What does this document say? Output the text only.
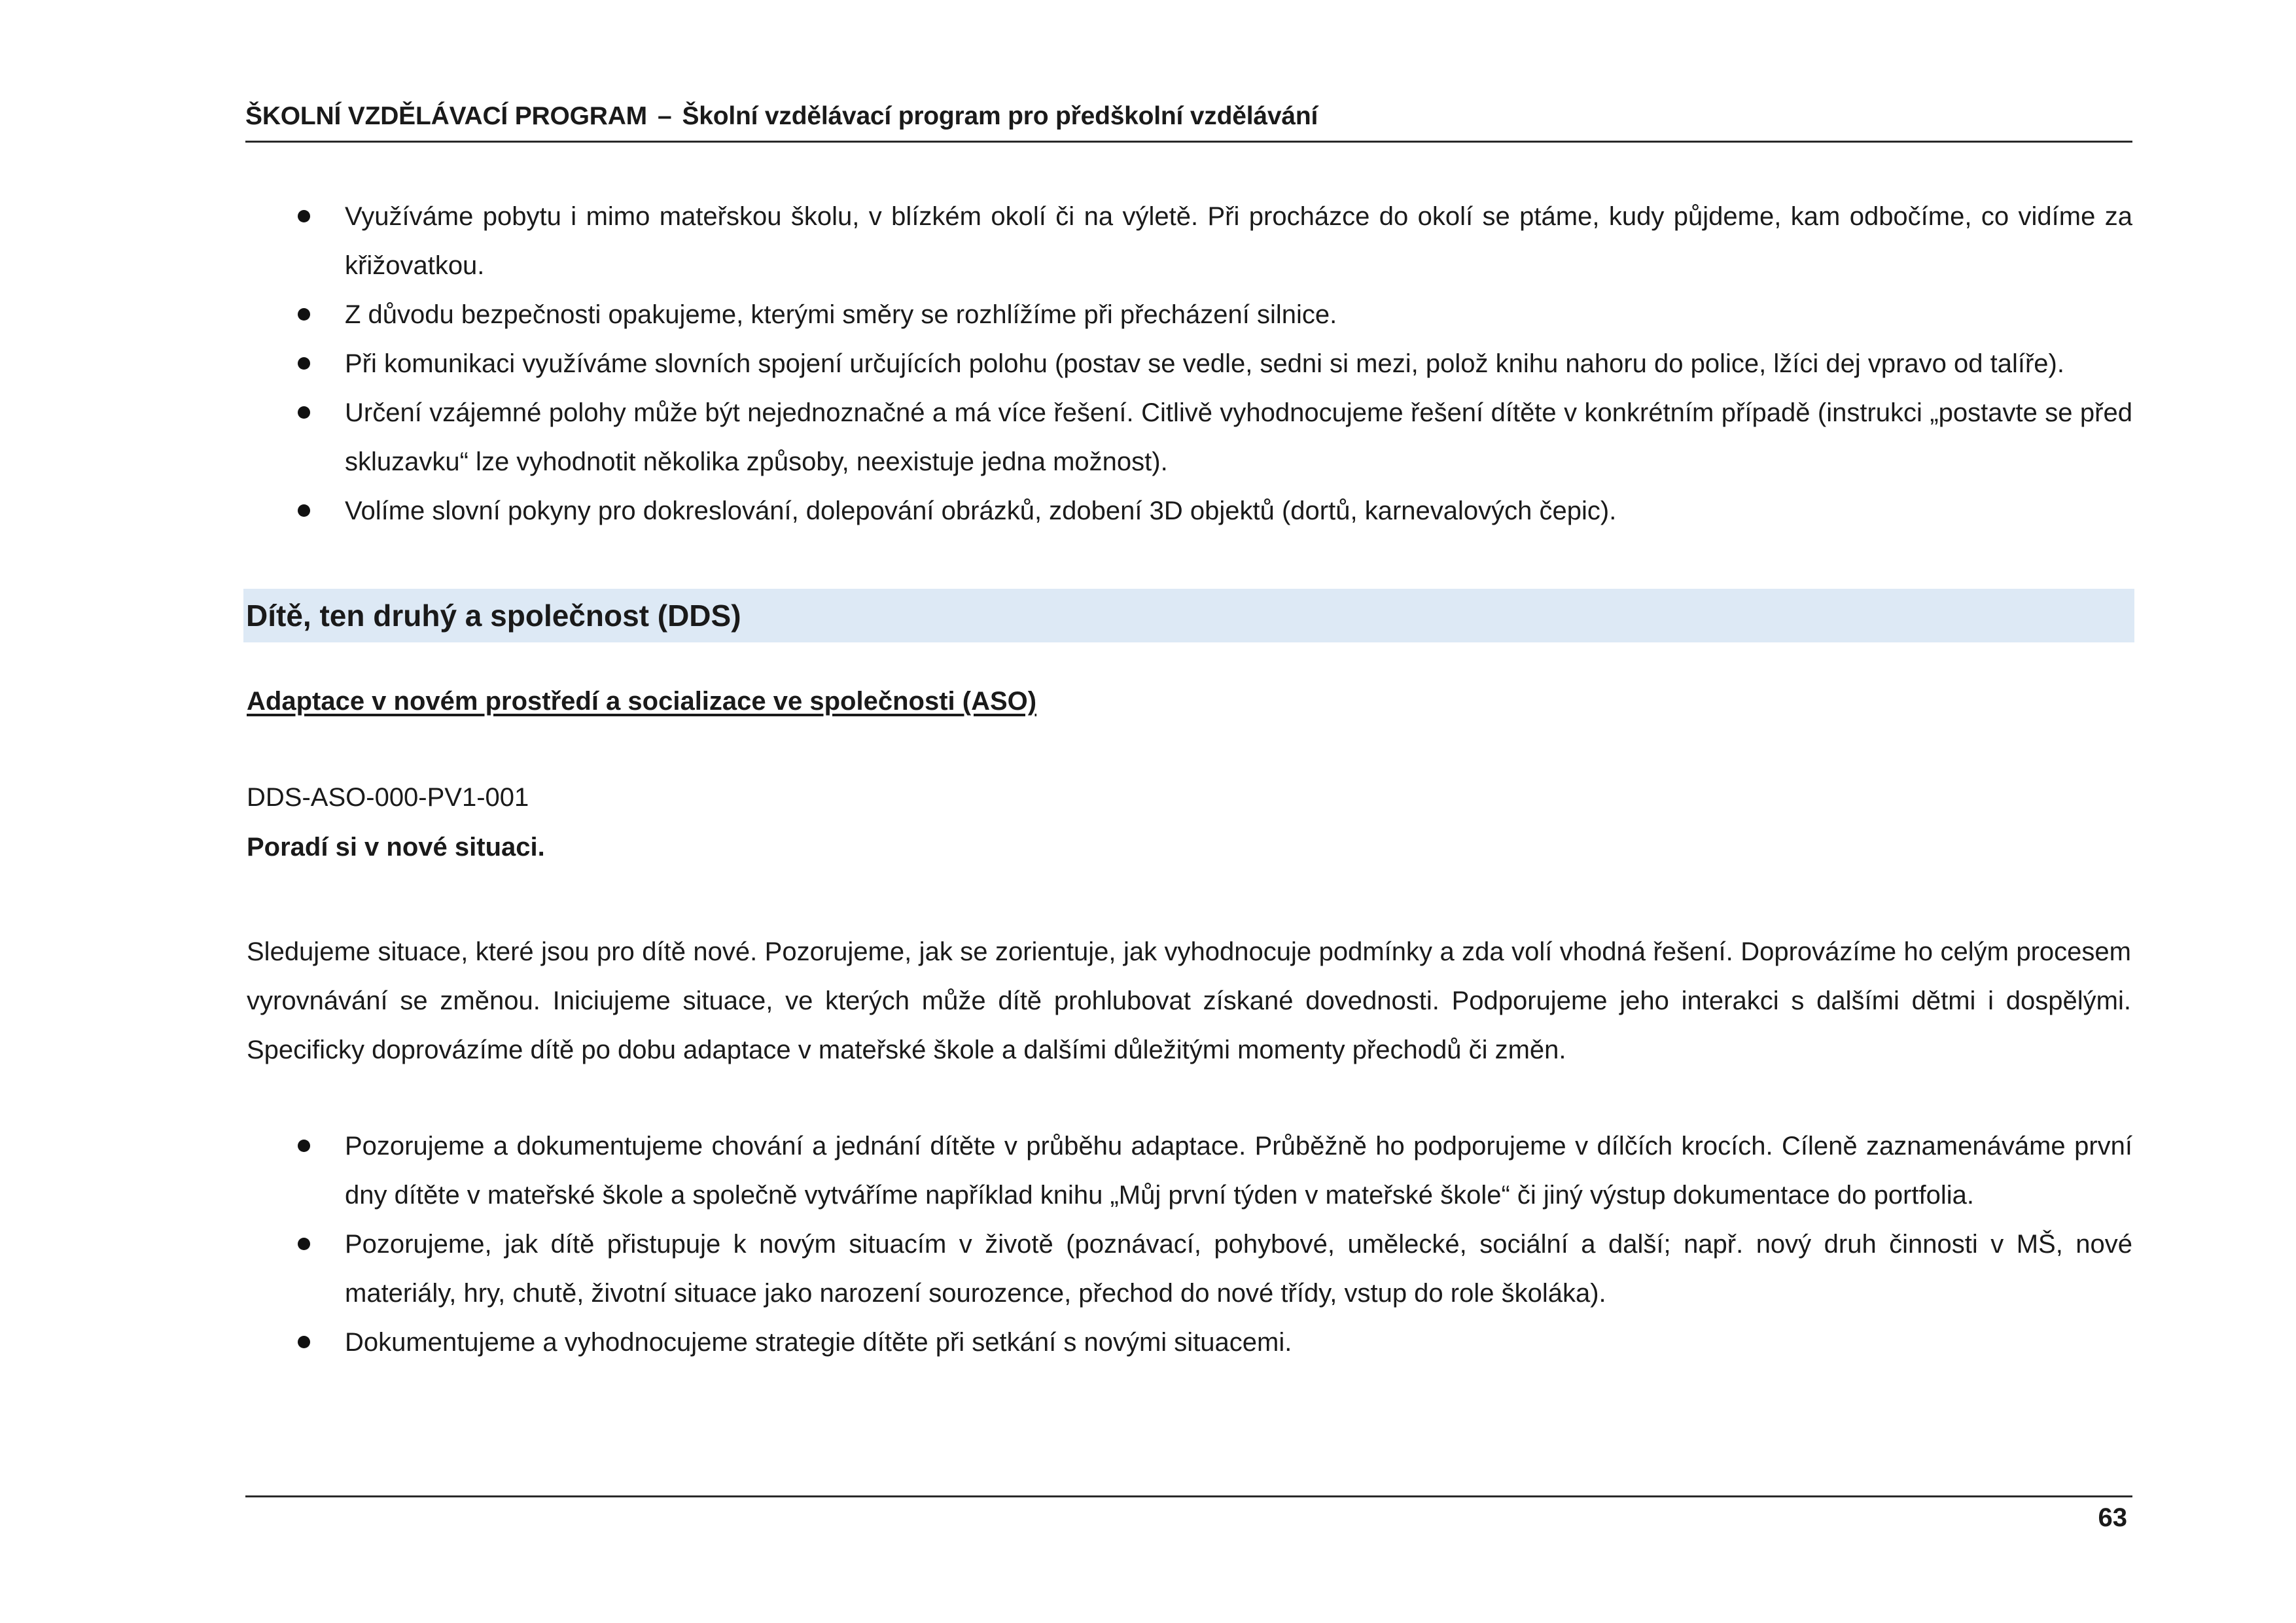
ŠKOLNÍ VZDĚLÁVACÍ PROGRAM – Školní vzdělávací program pro předškolní vzdělávání
Využíváme pobytu i mimo mateřskou školu, v blízkém okolí či na výletě. Při procházce do okolí se ptáme, kudy půjdeme, kam odbočíme, co vidíme za křižovatkou.
Z důvodu bezpečnosti opakujeme, kterými směry se rozhlížíme při přecházení silnice.
Při komunikaci využíváme slovních spojení určujících polohu (postav se vedle, sedni si mezi, polož knihu nahoru do police, lžíci dej vpravo od talíře).
Určení vzájemné polohy může být nejednoznačné a má více řešení. Citlivě vyhodnocujeme řešení dítěte v konkrétním případě (instrukci „postavte se před skluzavku“ lze vyhodnotit několika způsoby, neexistuje jedna možnost).
Volíme slovní pokyny pro dokreslování, dolepování obrázků, zdobení 3D objektů (dortů, karnevalových čepic).
Dítě, ten druhý a společnost (DDS)
Adaptace v novém prostředí a socializace ve společnosti (ASO)
DDS-ASO-000-PV1-001
Poradí si v nové situaci.

Sledujeme situace, které jsou pro dítě nové. Pozorujeme, jak se zorientuje, jak vyhodnocuje podmínky a zda volí vhodná řešení. Doprovázíme ho celým procesem vyrovnávání se změnou. Iniciujeme situace, ve kterých může dítě prohlubovat získané dovednosti. Podporujeme jeho interakci s dalšími dětmi i dospělými. Specificky doprovázíme dítě po dobu adaptace v mateřské škole a dalšími důležitými momenty přechodů či změn.

Pozorujeme a dokumentujeme chování a jednání dítěte v průběhu adaptace. Průběžně ho podporujeme v dílčích krocích. Cíleně zaznamenáváme první dny dítěte v mateřské škole a společně vytváříme například knihu „Můj první týden v mateřské škole“ či jiný výstup dokumentace do portfolia.
Pozorujeme, jak dítě přistupuje k novým situacím v životě (poznávací, pohybové, umělecké, sociální a další; např. nový druh činnosti v MŠ, nové materiály, hry, chutě, životní situace jako narození sourozence, přechod do nové třídy, vstup do role školáka).
Dokumentujeme a vyhodnocujeme strategie dítěte při setkání s novými situacemi.
63
